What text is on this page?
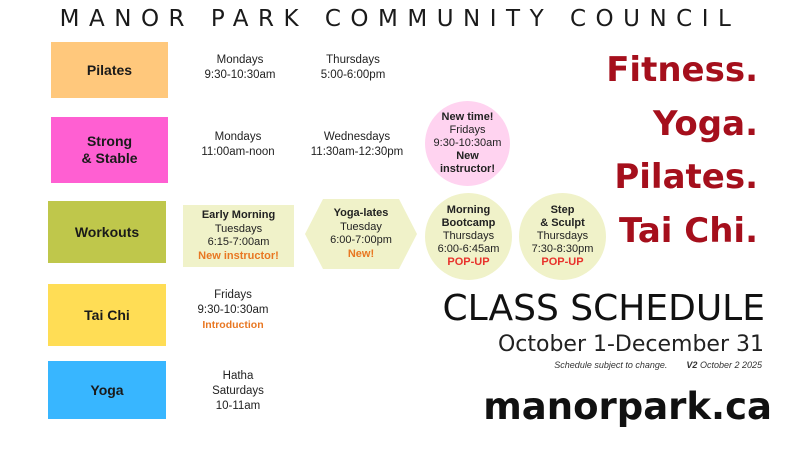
MANOR PARK COMMUNITY COUNCIL
Pilates
Strong
& Stable
Workouts
Tai Chi
Yoga
Mondays
9:30-10:30am
Thursdays
5:00-6:00pm
Mondays
11:00am-noon
Wednesdays
11:30am-12:30pm
New time!
Fridays
9:30-10:30am
New
instructor!
Early Morning
Tuesdays
6:15-7:00am
New instructor!
Yoga-lates
Tuesday
6:00-7:00pm
New!
Morning
Bootcamp
Thursdays
6:00-6:45am
POP-UP
Step
& Sculpt
Thursdays
7:30-8:30pm
POP-UP
Fridays
9:30-10:30am
Introduction
Hatha
Saturdays
10-11am
Fitness.
Yoga.
Pilates.
Tai Chi.
CLASS SCHEDULE
October 1-December 31
Schedule subject to change. V2 October 2 2025
manorpark.ca
